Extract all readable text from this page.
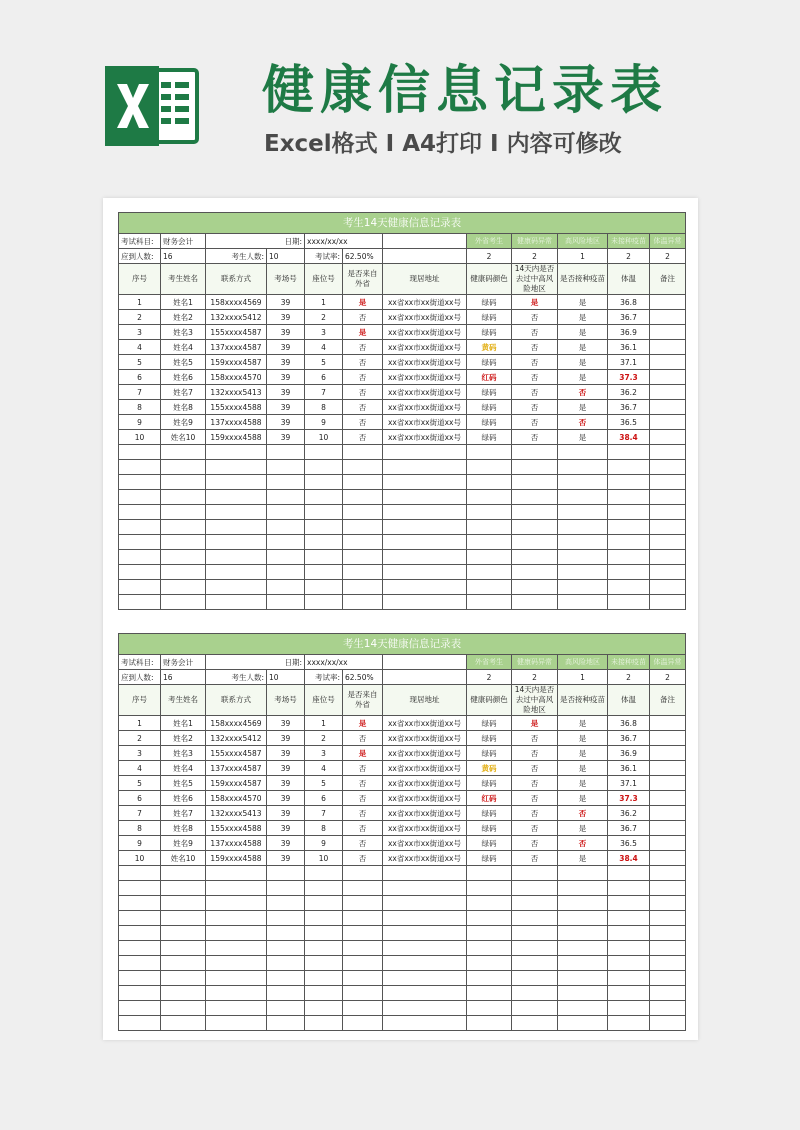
健康信息记录表
Excel格式 I A4打印 I 内容可修改
考生14天健康信息记录表											
考试科目:	财务会计	日期:		xxxx/xx/xx			外省考生	健康码异常	高风险地区	未接种疫苗	体温异常
应到人数:	16	考生人数:	10	考试率:	62.50%		2	2	1	2	2
序号	考生姓名	联系方式	考场号	座位号	是否来自外省	现居地址	健康码颜色	14天内是否去过中高风险地区	是否接种疫苗	体温	备注
1	姓名1	158xxxx4569	39	1	是	xx省xx市xx街道xx号	绿码	是	是	36.8	
2	姓名2	132xxxx5412	39	2	否	xx省xx市xx街道xx号	绿码	否	是	36.7	
3	姓名3	155xxxx4587	39	3	是	xx省xx市xx街道xx号	绿码	否	是	36.9	
4	姓名4	137xxxx4587	39	4	否	xx省xx市xx街道xx号	黄码	否	是	36.1	
5	姓名5	159xxxx4587	39	5	否	xx省xx市xx街道xx号	绿码	否	是	37.1	
6	姓名6	158xxxx4570	39	6	否	xx省xx市xx街道xx号	红码	否	是	37.3	
7	姓名7	132xxxx5413	39	7	否	xx省xx市xx街道xx号	绿码	否	否	36.2	
8	姓名8	155xxxx4588	39	8	否	xx省xx市xx街道xx号	绿码	否	是	36.7	
9	姓名9	137xxxx4588	39	9	否	xx省xx市xx街道xx号	绿码	否	否	36.5	
10	姓名10	159xxxx4588	39	10	否	xx省xx市xx街道xx号	绿码	否	是	38.4	

考生14天健康信息记录表											
考试科目:	财务会计	日期:		xxxx/xx/xx			外省考生	健康码异常	高风险地区	未接种疫苗	体温异常
应到人数:	16	考生人数:	10	考试率:	62.50%		2	2	1	2	2
序号	考生姓名	联系方式	考场号	座位号	是否来自外省	现居地址	健康码颜色	14天内是否去过中高风险地区	是否接种疫苗	体温	备注
1	姓名1	158xxxx4569	39	1	是	xx省xx市xx街道xx号	绿码	是	是	36.8	
2	姓名2	132xxxx5412	39	2	否	xx省xx市xx街道xx号	绿码	否	是	36.7	
3	姓名3	155xxxx4587	39	3	是	xx省xx市xx街道xx号	绿码	否	是	36.9	
4	姓名4	137xxxx4587	39	4	否	xx省xx市xx街道xx号	黄码	否	是	36.1	
5	姓名5	159xxxx4587	39	5	否	xx省xx市xx街道xx号	绿码	否	是	37.1	
6	姓名6	158xxxx4570	39	6	否	xx省xx市xx街道xx号	红码	否	是	37.3	
7	姓名7	132xxxx5413	39	7	否	xx省xx市xx街道xx号	绿码	否	否	36.2	
8	姓名8	155xxxx4588	39	8	否	xx省xx市xx街道xx号	绿码	否	是	36.7	
9	姓名9	137xxxx4588	39	9	否	xx省xx市xx街道xx号	绿码	否	否	36.5	
10	姓名10	159xxxx4588	39	10	否	xx省xx市xx街道xx号	绿码	否	是	38.4	
